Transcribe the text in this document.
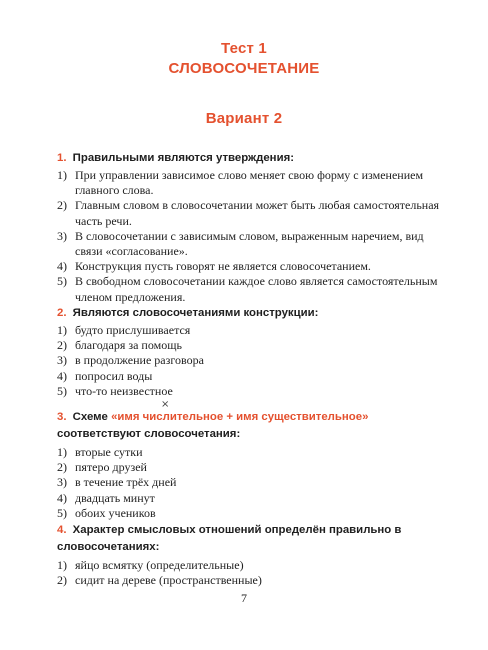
Тест 1
СЛОВОСОЧЕТАНИЕ
Вариант 2
1. Правильными являются утверждения:
1) При управлении зависимое слово меняет свою форму с изменением главного слова.
2) Главным словом в словосочетании может быть любая самостоятельная часть речи.
3) В словосочетании с зависимым словом, выраженным наречием, вид связи «согласование».
4) Конструкция пусть говорят не является словосочетанием.
5) В свободном словосочетании каждое слово является самостоятельным членом предложения.
2. Являются словосочетаниями конструкции:
1) будто прислушивается
2) благодаря за помощь
3) в продолжение разговора
4) попросил воды
5) что-то неизвестное
×
3. Схеме «имя числительное + имя существительное» соответствуют словосочетания:
1) вторые сутки
2) пятеро друзей
3) в течение трёх дней
4) двадцать минут
5) обоих учеников
4. Характер смысловых отношений определён правильно в словосочетаниях:
1) яйцо всмятку (определительные)
2) сидит на дереве (пространственные)
7
